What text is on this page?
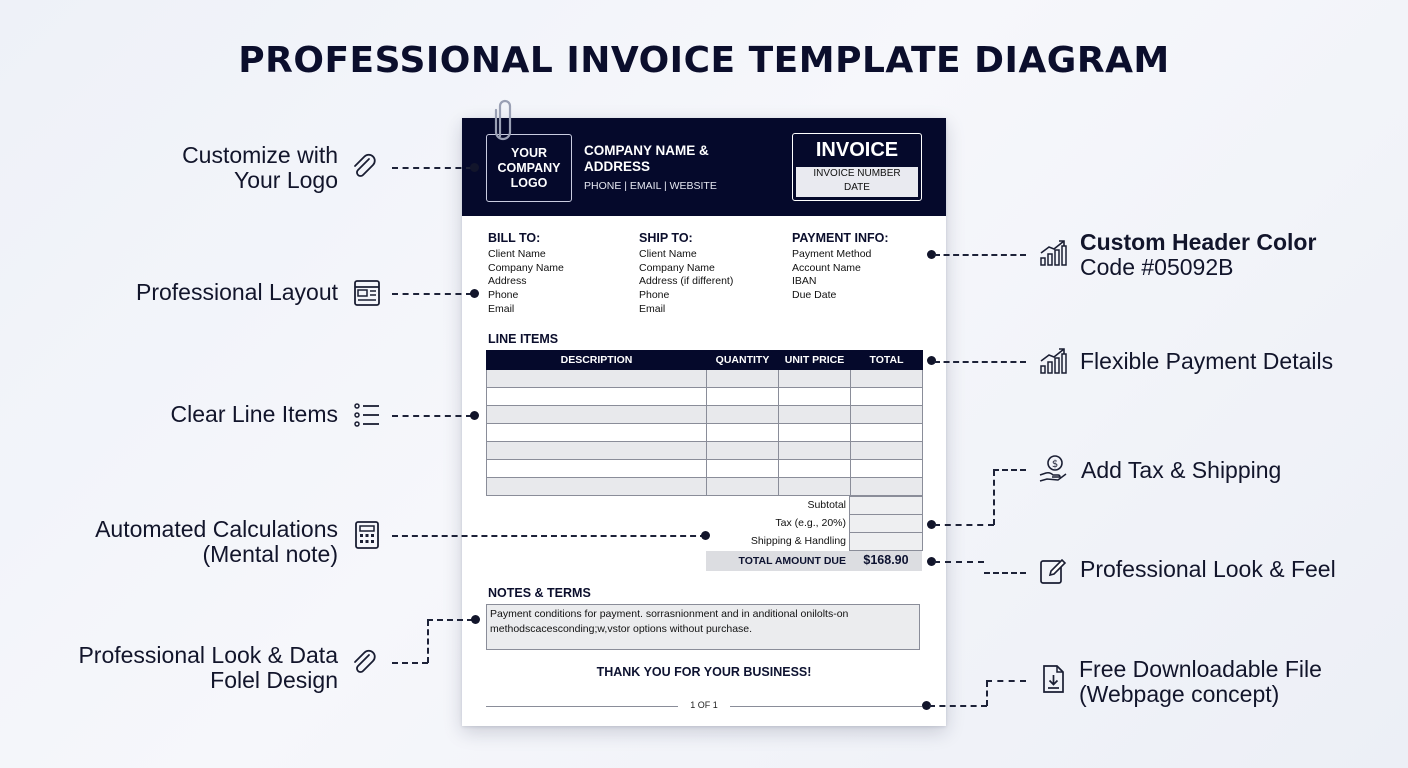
PROFESSIONAL INVOICE TEMPLATE DIAGRAM
YOUR COMPANY LOGO
COMPANY NAME & ADDRESS
PHONE | EMAIL | WEBSITE
INVOICE
INVOICE NUMBER
DATE
BILL TO:
Client Name
Company Name
Address
Phone
Email
SHIP TO:
Client Name
Company Name
Address (if different)
Phone
Email
PAYMENT INFO:
Payment Method
Account Name
IBAN
Due Date
LINE ITEMS
DESCRIPTION	QUANTITY	UNIT PRICE	TOTAL

Subtotal
Tax (e.g., 20%)
Shipping & Handling
TOTAL AMOUNT DUE	$168.90
NOTES & TERMS
Payment conditions for payment. sorrasnionment and in anditional onilolts-on methodscacesconding;w,vstor options without purchase.
THANK YOU FOR YOUR BUSINESS!
1 OF 1
Customize with
Your Logo
Professional Layout
Clear Line Items
Automated Calculations
(Mental note)
Professional Look & Data
Folel Design
Custom Header Color
Code #05092B
Flexible Payment Details
$ Add Tax & Shipping
Professional Look & Feel
Free Downloadable File
(Webpage concept)
